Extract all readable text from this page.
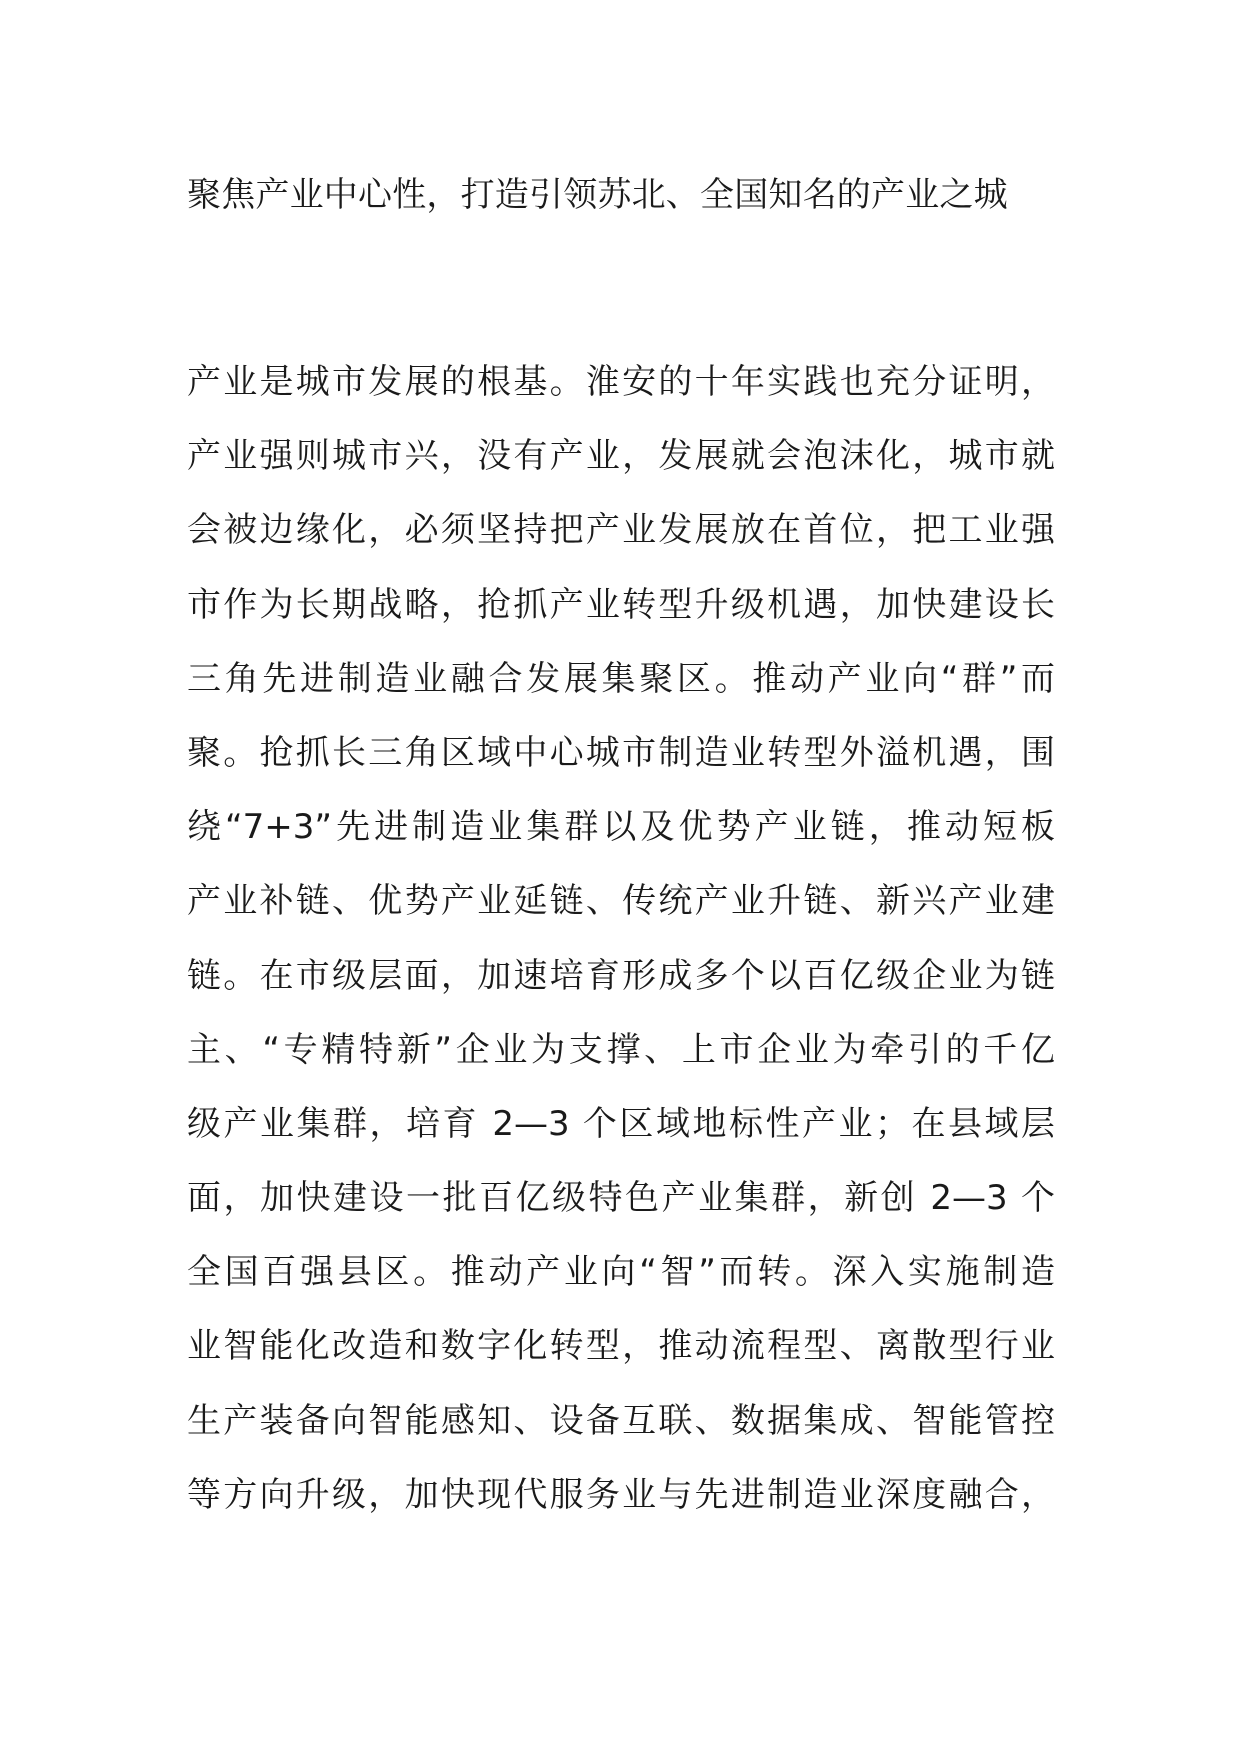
聚焦产业中心性，打造引领苏北、全国知名的产业之城
产业是城市发展的根基。淮安的十年实践也充分证明，
产业强则城市兴，没有产业，发展就会泡沫化，城市就
会被边缘化，必须坚持把产业发展放在首位，把工业强
市作为长期战略，抢抓产业转型升级机遇，加快建设长
三角先进制造业融合发展集聚区。推动产业向“群”而
聚。抢抓长三角区域中心城市制造业转型外溢机遇，围
绕“7+3”先进制造业集群以及优势产业链，推动短板
产业补链、优势产业延链、传统产业升链、新兴产业建
链。在市级层面，加速培育形成多个以百亿级企业为链
主、“专精特新”企业为支撑、上市企业为牵引的千亿
级产业集群，培育 2—3 个区域地标性产业；在县域层
面，加快建设一批百亿级特色产业集群，新创 2—3 个
全国百强县区。推动产业向“智”而转。深入实施制造
业智能化改造和数字化转型，推动流程型、离散型行业
生产装备向智能感知、设备互联、数据集成、智能管控
等方向升级，加快现代服务业与先进制造业深度融合，
